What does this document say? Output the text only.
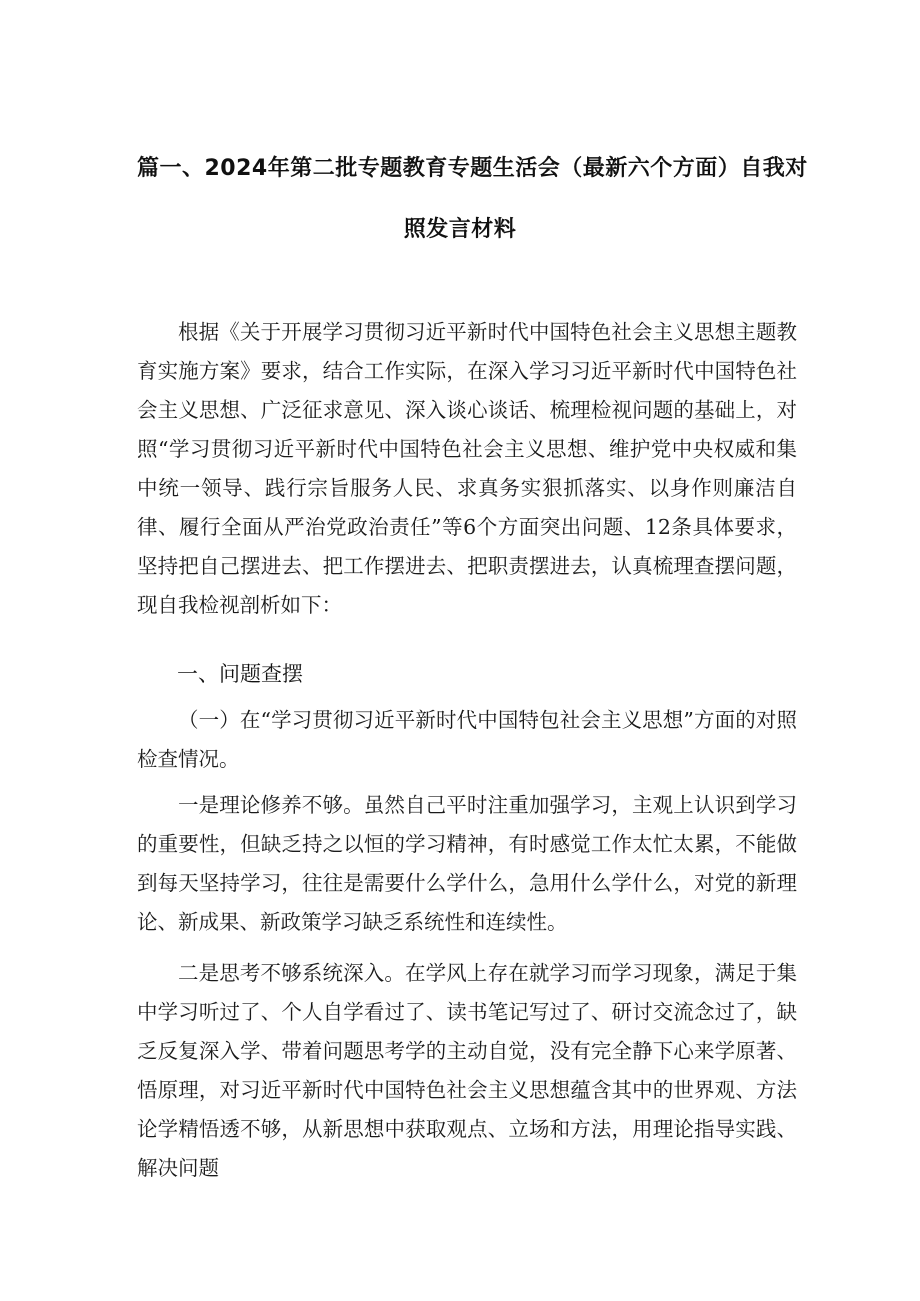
篇一、2024年第二批专题教育专题生活会（最新六个方面）自我对
照发言材料
根据《关于开展学习贯彻习近平新时代中国特色社会主义思想主题教育实施方案》要求，结合工作实际，在深入学习习近平新时代中国特色社会主义思想、广泛征求意见、深入谈心谈话、梳理检视问题的基础上，对照“学习贯彻习近平新时代中国特色社会主义思想、维护党中央权威和集中统一领导、践行宗旨服务人民、求真务实狠抓落实、以身作则廉洁自律、履行全面从严治党政治责任”等6个方面突出问题、12条具体要求，坚持把自己摆进去、把工作摆进去、把职责摆进去，认真梳理查摆问题，现自我检视剖析如下：
一、问题查摆
（一）在“学习贯彻习近平新时代中国特包社会主义思想”方面的对照检查情况。
一是理论修养不够。虽然自己平时注重加强学习，主观上认识到学习的重要性，但缺乏持之以恒的学习精神，有时感觉工作太忙太累，不能做到每天坚持学习，往往是需要什么学什么，急用什么学什么，对党的新理论、新成果、新政策学习缺乏系统性和连续性。
二是思考不够系统深入。在学风上存在就学习而学习现象，满足于集中学习听过了、个人自学看过了、读书笔记写过了、研讨交流念过了，缺乏反复深入学、带着问题思考学的主动自觉，没有完全静下心来学原著、悟原理，对习近平新时代中国特色社会主义思想蕴含其中的世界观、方法论学精悟透不够，从新思想中获取观点、立场和方法，用理论指导实践、解决问题
